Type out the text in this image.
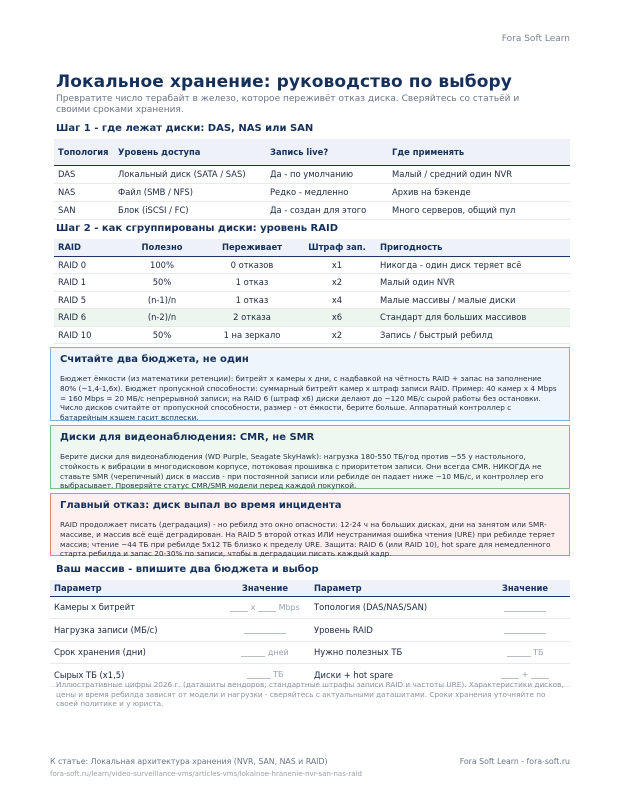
Fora Soft Learn
Локальное хранение: руководство по выбору
Превратите число терабайт в железо, которое переживёт отказ диска. Сверяйтесь со статьёй и своими сроками хранения.
Шаг 1 - где лежат диски: DAS, NAS или SAN
Топология	Уровень доступа	Запись live?	Где применять
DAS	Локальный диск (SATA / SAS)	Да - по умолчанию	Малый / средний один NVR
NAS	Файл (SMB / NFS)	Редко - медленно	Архив на бэкенде
SAN	Блок (iSCSI / FC)	Да - создан для этого	Много серверов, общий пул
Шаг 2 - как сгруппированы диски: уровень RAID
RAID	Полезно	Переживает	Штраф зап.	Пригодность
RAID 0	100%	0 отказов	x1	Никогда - один диск теряет всё
RAID 1	50%	1 отказ	x2	Малый один NVR
RAID 5	(n-1)/n	1 отказ	x4	Малые массивы / малые диски
RAID 6	(n-2)/n	2 отказа	x6	Стандарт для больших массивов
RAID 10	50%	1 на зеркало	x2	Запись / быстрый ребилд
Считайте два бюджета, не один

Бюджет ёмкости (из математики ретенции): битрейт x камеры x дни, с надбавкой на чётность RAID + запас на заполнение 80% (~1,4-1,6x). Бюджет пропускной способности: суммарный битрейт камер x штраф записи RAID. Пример: 40 камер x 4 Mbps = 160 Mbps = 20 МБ/с непрерывной записи; на RAID 6 (штраф x6) диски делают до ~120 МБ/с сырой работы без остановки. Число дисков считайте от пропускной способности, размер - от ёмкости, берите больше. Аппаратный контроллер с батарейным кэшем гасит всплески.

Диски для видеонаблюдения: CMR, не SMR

Берите диски для видеонаблюдения (WD Purple, Seagate SkyHawk): нагрузка 180-550 ТБ/год против ~55 у настольного, стойкость к вибрации в многодисковом корпусе, потоковая прошивка с приоритетом записи. Они всегда CMR. НИКОГДА не ставьте SMR (черепичный) диск в массив - при постоянной записи или ребилде он падает ниже ~10 МБ/с, и контроллер его выбрасывает. Проверяйте статус CMR/SMR модели перед каждой покупкой.

Главный отказ: диск выпал во время инцидента

RAID продолжает писать (деградация) - но ребилд это окно опасности: 12-24 ч на больших дисках, дни на занятом или SMR-массиве, и массив всё ещё деградирован. На RAID 5 второй отказ ИЛИ неустранимая ошибка чтения (URE) при ребилде теряет массив; чтение ~44 ТБ при ребилде 5x12 ТБ близко к пределу URE. Защита: RAID 6 (или RAID 10), hot spare для немедленного старта ребилда и запас 20-30% по записи, чтобы в деградации писать каждый кадр.

Ваш массив - впишите два бюджета и выбор
Параметр	Значение	Параметр	Значение
Камеры x битрейт	x Mbps	Топология (DAS/NAS/SAN)	
Нагрузка записи (МБ/с)		Уровень RAID	
Срок хранения (дни)	дней	Нужно полезных ТБ	ТБ
Сырых ТБ (x1,5)	ТБ	Диски + hot spare	+
Иллюстративные цифры 2026 г. (даташиты вендоров; стандартные штрафы записи RAID и частоты URE). Характеристики дисков, цены и время ребилда зависят от модели и нагрузки - сверяйтесь с актуальными даташитами. Сроки хранения уточняйте по своей политике и у юриста.
К статье: Локальная архитектура хранения (NVR, SAN, NAS и RAID)	Fora Soft Learn - fora-soft.ru
fora-soft.ru/learn/video-surveillance-vms/articles-vms/lokalnoe-hranenie-nvr-san-nas-raid
